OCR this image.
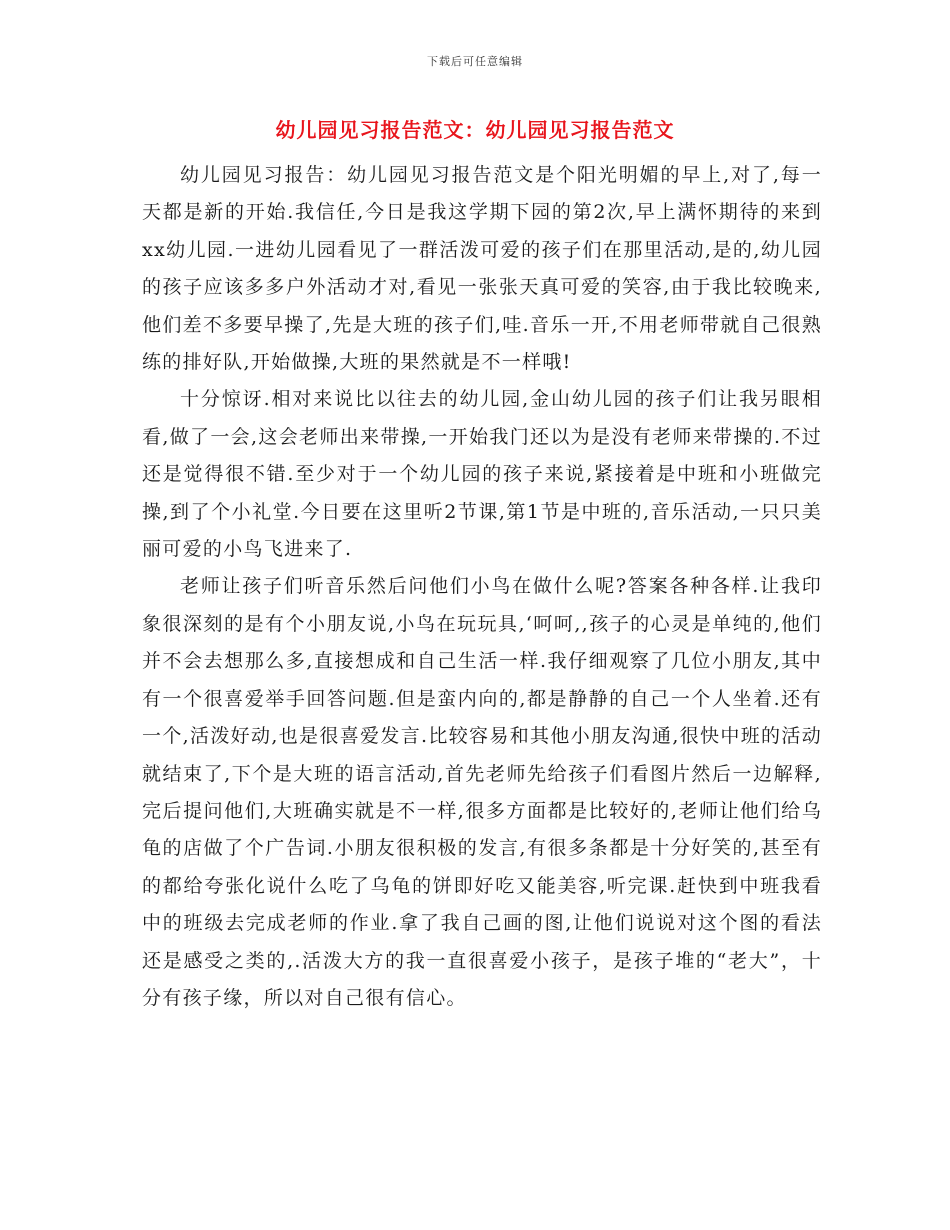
下载后可任意编辑
幼儿园见习报告范文：幼儿园见习报告范文

幼儿园见习报告：幼儿园见习报告范文是个阳光明媚的早上,对了,每一天都是新的开始.我信任,今日是我这学期下园的第2次,早上满怀期待的来到xx幼儿园.一进幼儿园看见了一群活泼可爱的孩子们在那里活动,是的,幼儿园的孩子应该多多户外活动才对,看见一张张天真可爱的笑容,由于我比较晚来,他们差不多要早操了,先是大班的孩子们,哇.音乐一开,不用老师带就自己很熟练的排好队,开始做操,大班的果然就是不一样哦!

十分惊讶.相对来说比以往去的幼儿园,金山幼儿园的孩子们让我另眼相看,做了一会,这会老师出来带操,一开始我门还以为是没有老师来带操的.不过还是觉得很不错.至少对于一个幼儿园的孩子来说,紧接着是中班和小班做完操,到了个小礼堂.今日要在这里听2节课,第1节是中班的,音乐活动,一只只美丽可爱的小鸟飞进来了.

老师让孩子们听音乐然后问他们小鸟在做什么呢?答案各种各样.让我印象很深刻的是有个小朋友说,小鸟在玩玩具,‘呵呵,,孩子的心灵是单纯的,他们并不会去想那么多,直接想成和自己生活一样.我仔细观察了几位小朋友,其中有一个很喜爱举手回答问题.但是蛮内向的,都是静静的自己一个人坐着.还有一个,活泼好动,也是很喜爱发言.比较容易和其他小朋友沟通,很快中班的活动就结束了,下个是大班的语言活动,首先老师先给孩子们看图片然后一边解释,完后提问他们,大班确实就是不一样,很多方面都是比较好的,老师让他们给乌龟的店做了个广告词.小朋友很积极的发言,有很多条都是十分好笑的,甚至有的都给夸张化说什么吃了乌龟的饼即好吃又能美容,听完课.赶快到中班我看中的班级去完成老师的作业.拿了我自己画的图,让他们说说对这个图的看法还是感受之类的,.活泼大方的我一直很喜爱小孩子，是孩子堆的“老大”，十分有孩子缘，所以对自己很有信心。
